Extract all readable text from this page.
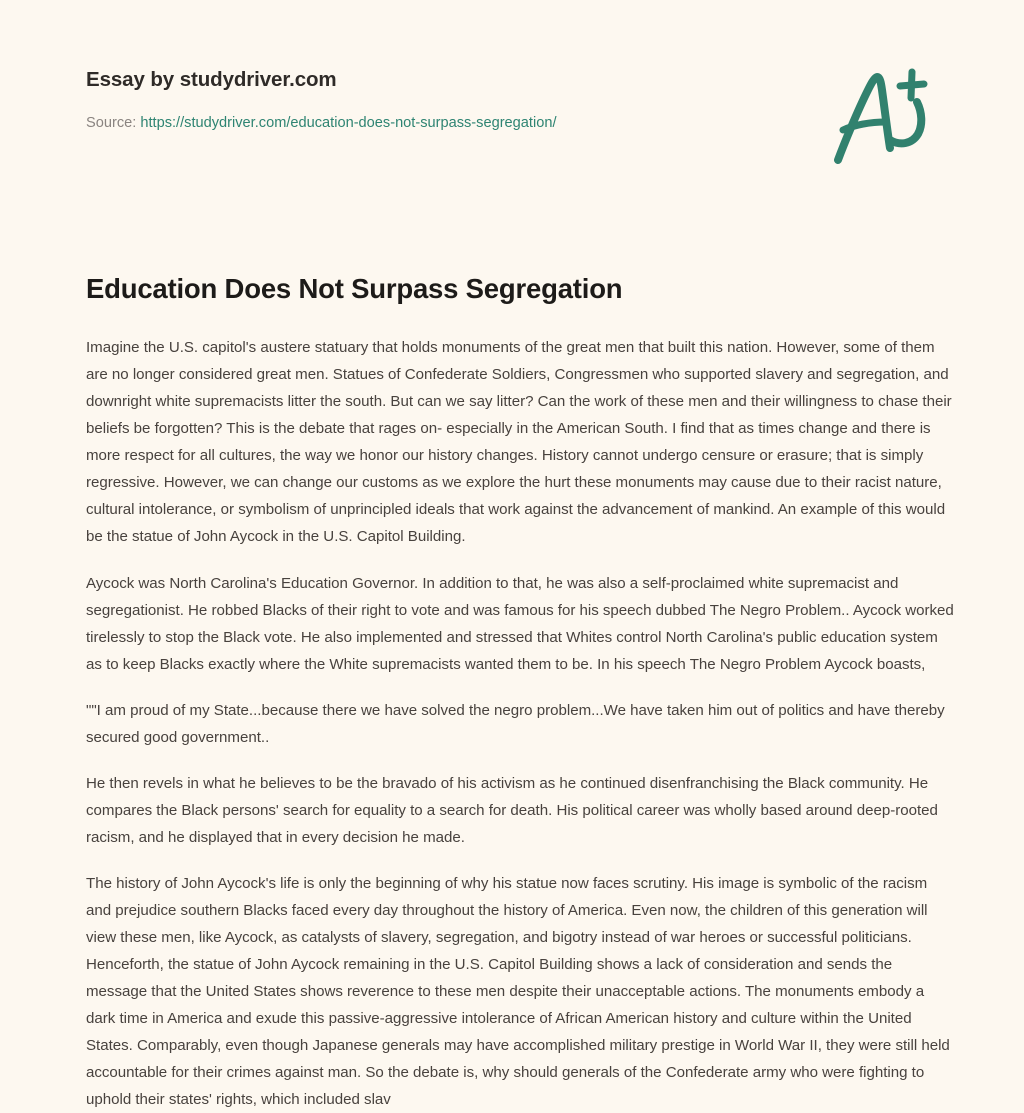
Essay by studydriver.com
Source: https://studydriver.com/education-does-not-surpass-segregation/
Education Does Not Surpass Segregation

Imagine the U.S. capitol's austere statuary that holds monuments of the great men that built this nation. However, some of them are no longer considered great men. Statues of Confederate Soldiers, Congressmen who supported slavery and segregation, and downright white supremacists litter the south. But can we say litter? Can the work of these men and their willingness to chase their beliefs be forgotten? This is the debate that rages on- especially in the American South. I find that as times change and there is more respect for all cultures, the way we honor our history changes. History cannot undergo censure or erasure; that is simply regressive. However, we can change our customs as we explore the hurt these monuments may cause due to their racist nature, cultural intolerance, or symbolism of unprincipled ideals that work against the advancement of mankind. An example of this would be the statue of John Aycock in the U.S. Capitol Building.

Aycock was North Carolina's Education Governor. In addition to that, he was also a self-proclaimed white supremacist and segregationist. He robbed Blacks of their right to vote and was famous for his speech dubbed The Negro Problem.. Aycock worked tirelessly to stop the Black vote. He also implemented and stressed that Whites control North Carolina's public education system as to keep Blacks exactly where the White supremacists wanted them to be. In his speech The Negro Problem Aycock boasts,

""I am proud of my State...because there we have solved the negro problem...We have taken him out of politics and have thereby secured good government..

He then revels in what he believes to be the bravado of his activism as he continued disenfranchising the Black community. He compares the Black persons' search for equality to a search for death. His political career was wholly based around deep-rooted racism, and he displayed that in every decision he made.

The history of John Aycock's life is only the beginning of why his statue now faces scrutiny. His image is symbolic of the racism and prejudice southern Blacks faced every day throughout the history of America. Even now, the children of this generation will view these men, like Aycock, as catalysts of slavery, segregation, and bigotry instead of war heroes or successful politicians. Henceforth, the statue of John Aycock remaining in the U.S. Capitol Building shows a lack of consideration and sends the message that the United States shows reverence to these men despite their unacceptable actions. The monuments embody a dark time in America and exude this passive-aggressive intolerance of African American history and culture within the United States. Comparably, even though Japanese generals may have accomplished military prestige in World War II, they were still held accountable for their crimes against man. So the debate is, why should generals of the Confederate army who were fighting to uphold their states' rights, which included slav
